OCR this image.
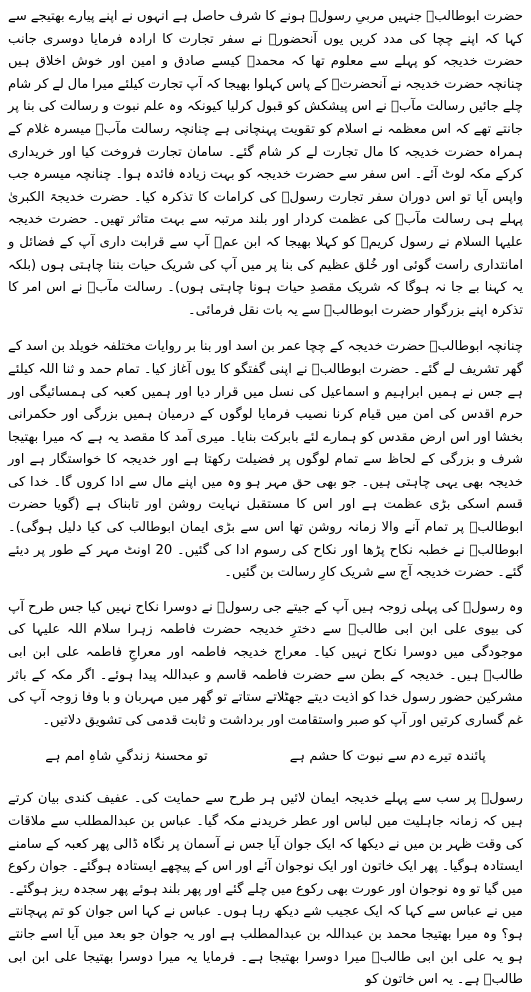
حضرت ابوطالبؑ جنہیں مربیِ رسولؐ ہونے کا شرف حاصل ہے انہوں نے اپنے پیارے بھتیجے سے کہا کہ اپنے چچا کی مدد کریں یوں آنحضورؐ نے سفر تجارت کا ارادہ فرمایا دوسری جانب حضرت خدیجہ کو پہلے سے معلوم تھا کہ محمدؐ کیسے صادق و امین اور خوش اخلاق ہیں چنانچہ حضرت خدیجہ نے آنحضرتؐ کے پاس کہلوا بھیجا کہ آپ تجارت کیلئے میرا مال لے کر شام چلے جائیں رسالت مآبؐ نے اس پیشکش کو قبول کرلیا کیونکہ وہ علم نبوت و رسالت کی بنا پر جانتے تھے کہ اس معظمہ نے اسلام کو تقویت پہنچانی ہے چنانچہ رسالت مآبؐ میسرہ غلام کے ہمراہ حضرت خدیجہ کا مال تجارت لے کر شام گئے۔ سامان تجارت فروخت کیا اور خریداری کرکے مکہ لوٹ آئے۔ اس سفر سے حضرت خدیجہ کو بہت زیادہ فائدہ ہوا۔ چنانچہ میسرہ جب واپس آیا تو اس دوران سفر تجارت رسولؐ کی کرامات کا تذکرہ کیا۔ حضرت خدیجۃ الکبریٰ پہلے ہی رسالت مآبؐ کی عظمت کردار اور بلند مرتبہ سے بہت متاثر تھیں۔ حضرت خدیجہ علیہا السلام نے رسول کریمؐ کو کہلا بھیجا کہ ابن عمؐ آپ سے قرابت داری آپ کے فضائل و امانتداری راست گوئی اور خُلق عظیم کی بنا پر میں آپ کی شریک حیات بننا چاہتی ہوں (بلکہ یہ کہنا بے جا نہ ہوگا کہ شریک مقصدِ حیات ہونا چاہتی ہوں)۔ رسالت مآبؐ نے اس امر کا تذکرہ اپنے بزرگوار حضرت ابوطالبؑ سے یہ بات نقل فرمائی۔

چنانچہ ابوطالبؑ حضرت خدیجہ کے چچا عمر بن اسد اور بنا بر روایات مختلفہ خویلد بن اسد کے گھر تشریف لے گئے۔ حضرت ابوطالبؑ نے اپنی گفتگو کا یوں آغاز کیا۔ تمام حمد و ثنا اللہ کیلئے ہے جس نے ہمیں ابراہیم و اسماعیل کی نسل میں قرار دیا اور ہمیں کعبہ کی ہمسائیگی اور حرم اقدس کی امن میں قیام کرنا نصیب فرمایا لوگوں کے درمیان ہمیں بزرگی اور حکمرانی بخشا اور اس ارض مقدس کو ہمارے لئے بابرکت بنایا۔ میری آمد کا مقصد یہ ہے کہ میرا بھتیجا شرف و بزرگی کے لحاظ سے تمام لوگوں پر فضیلت رکھتا ہے اور خدیجہ کا خواستگار ہے اور خدیجہ بھی یہی چاہتی ہیں۔ جو بھی حق مہر ہو وہ میں اپنے مال سے ادا کروں گا۔ خدا کی قسم اسکی بڑی عظمت ہے اور اس کا مستقبل نہایت روشن اور تابناک ہے (گویا حضرت ابوطالبؑ پر تمام آنے والا زمانہ روشن تھا اس سے بڑی ایمان ابوطالب کی کیا دلیل ہوگی)۔ ابوطالبؑ نے خطبہ نکاح پڑھا اور نکاح کی رسوم ادا کی گئیں۔ 20 اونٹ مہر کے طور پر دیئے گئے۔ حضرت خدیجہ آج سے شریک کارِ رسالت بن گئیں۔

وہ رسولؐ کی پہلی زوجہ ہیں آپ کے جیتے جی رسولؐ نے دوسرا نکاح نہیں کیا جس طرح آپ کی بیوی علی ابن ابی طالبؑ سے دخترِ خدیجہ حضرت فاطمہ زہرا سلام اللہ علیہا کی موجودگی میں دوسرا نکاح نہیں کیا۔ معراج خدیجہ فاطمہ اور معراجِ فاطمہ علی ابن ابی طالبؑ ہیں۔ خدیجہ کے بطن سے حضرت فاطمہ قاسم و عبداللہ پیدا ہوئے۔ اگر مکہ کے باثر مشرکین حضور رسول خدا کو اذیت دیتے جھٹلاتے ستاتے تو گھر میں مہربان و با وفا زوجہ آپ کی غم گساری کرتیں اور آپ کو صبر واستقامت اور برداشت و ثابت قدمی کی تشویق دلاتیں۔

پائندہ تیرے دم سے نبوت کا حشم ہے
تو محسنۂ زندگیِ شاہِ امم ہے

رسولؐ پر سب سے پہلے خدیجہ ایمان لائیں ہر طرح سے حمایت کی۔ عفیف کندی بیان کرتے ہیں کہ زمانہ جاہلیت میں لباس اور عطر خریدنے مکہ گیا۔ عباس بن عبدالمطلب سے ملاقات کی وقت ظہر بن میں نے دیکھا کہ ایک جوان آیا جس نے آسمان پر نگاہ ڈالی پھر کعبہ کے سامنے ایستادہ ہوگیا۔ پھر ایک خاتون اور ایک نوجوان آئے اور اس کے پیچھے ایستادہ ہوگئے۔ جوان رکوع میں گیا تو وہ نوجوان اور عورت بھی رکوع میں چلے گئے اور پھر بلند ہوئے پھر سجدہ ریز ہوگئے۔ میں نے عباس سے کہا کہ ایک عجیب شے دیکھ رہا ہوں۔ عباس نے کہا اس جوان کو تم پہچانتے ہو؟ وہ میرا بھتیجا محمد بن عبداللہ بن عبدالمطلب ہے اور یہ جوان جو بعد میں آیا اسے جانتے ہو یہ علی ابن ابی طالبؑ میرا دوسرا بھتیجا ہے۔ فرمایا یہ میرا دوسرا بھتیجا علی ابن ابی طالبؑ ہے۔ یہ اس خاتون کو
